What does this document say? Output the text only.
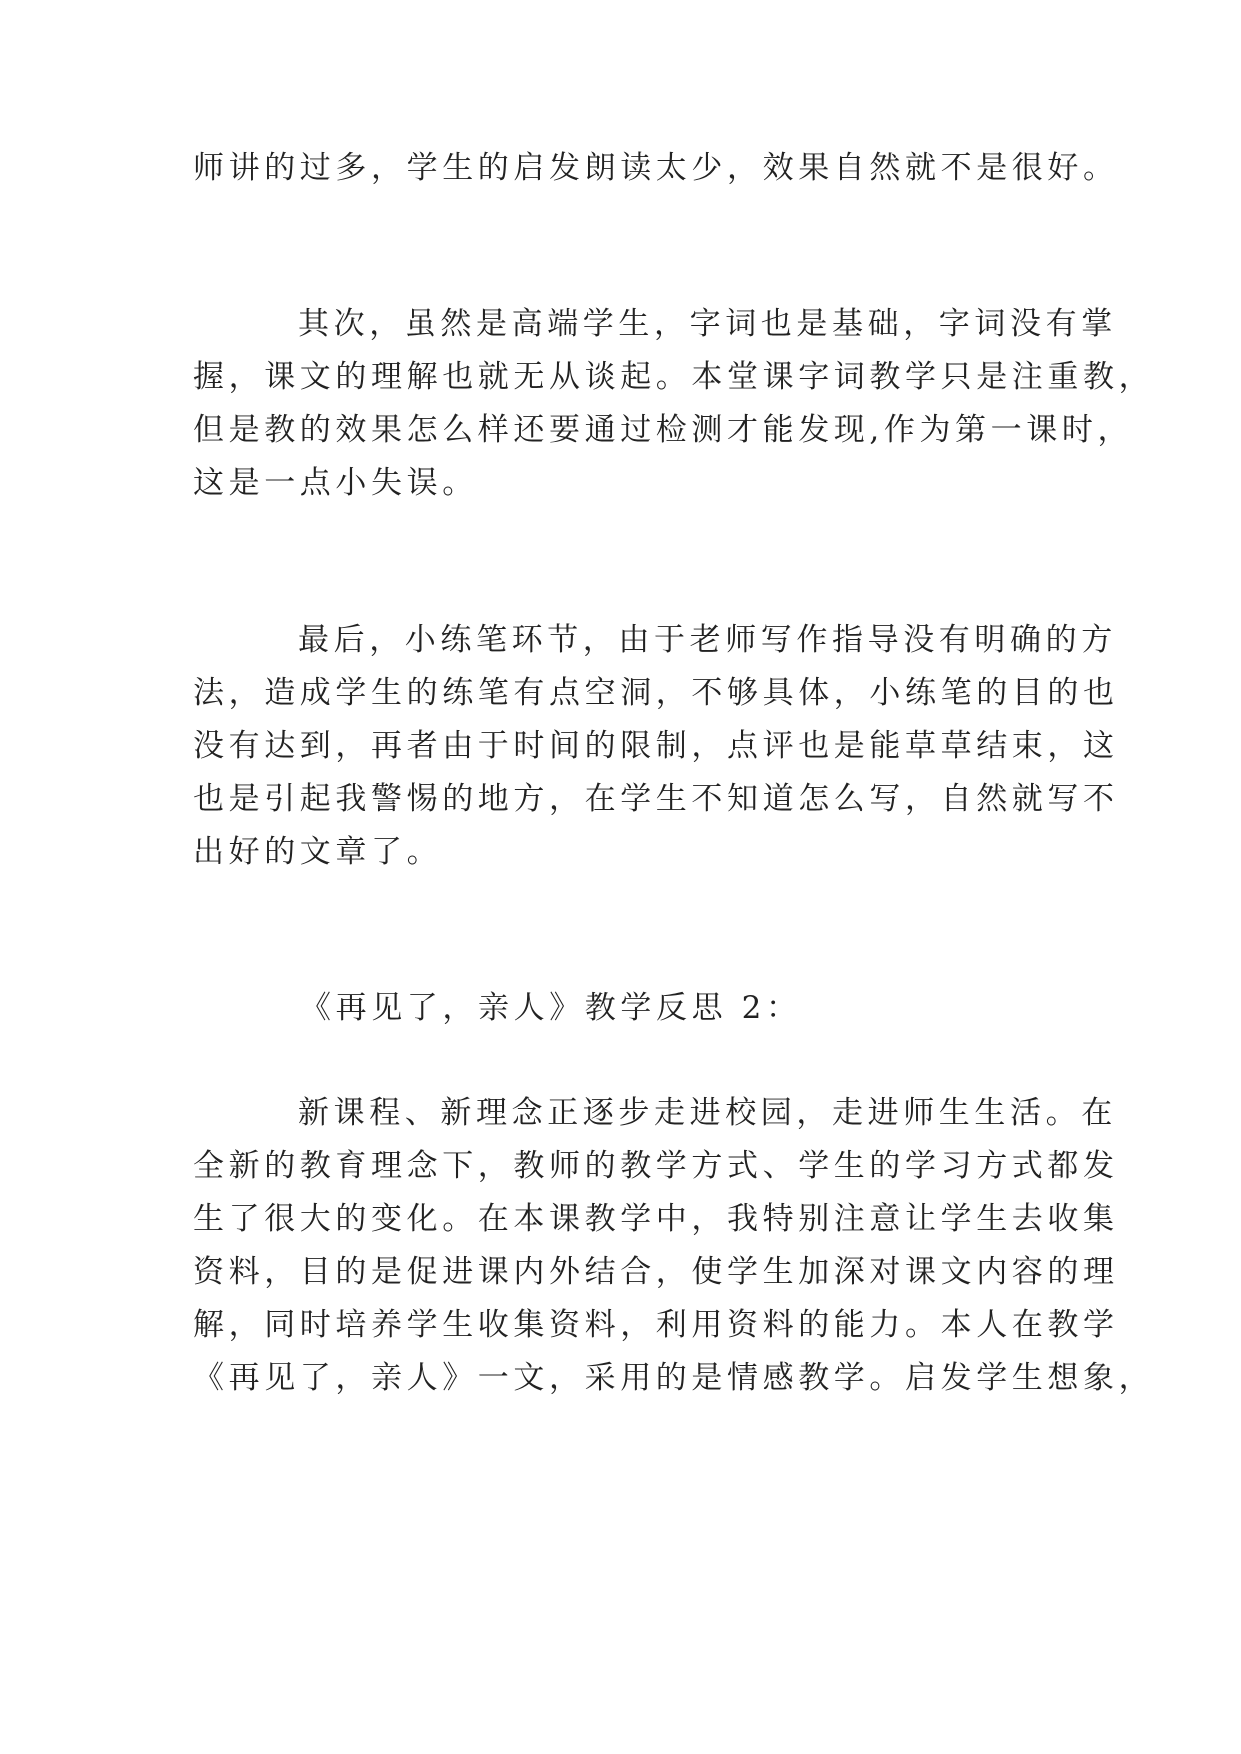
师讲的过多，学生的启发朗读太少，效果自然就不是很好。
其次，虽然是高端学生，字词也是基础，字词没有掌
握，课文的理解也就无从谈起。本堂课字词教学只是注重教，
但是教的效果怎么样还要通过检测才能发现,作为第一课时，
这是一点小失误。
最后，小练笔环节，由于老师写作指导没有明确的方
法，造成学生的练笔有点空洞，不够具体，小练笔的目的也
没有达到，再者由于时间的限制，点评也是能草草结束，这
也是引起我警惕的地方，在学生不知道怎么写，自然就写不
出好的文章了。
《再见了，亲人》教学反思 2：
新课程、新理念正逐步走进校园，走进师生生活。在
全新的教育理念下，教师的教学方式、学生的学习方式都发
生了很大的变化。在本课教学中，我特别注意让学生去收集
资料，目的是促进课内外结合，使学生加深对课文内容的理
解，同时培养学生收集资料，利用资料的能力。本人在教学
《再见了，亲人》一文，采用的是情感教学。启发学生想象，
